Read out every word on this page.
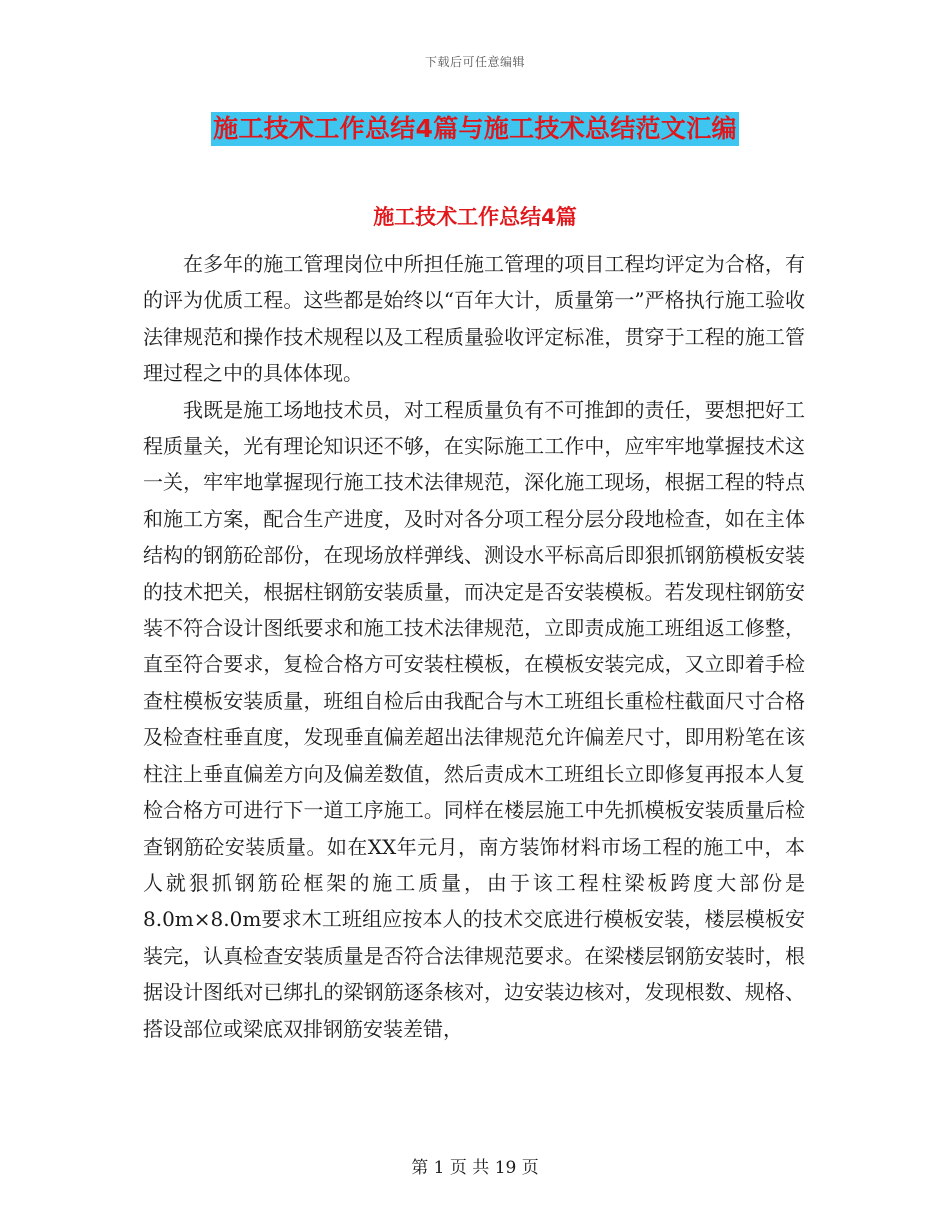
下载后可任意编辑
施工技术工作总结4篇与施工技术总结范文汇编
施工技术工作总结4篇

在多年的施工管理岗位中所担任施工管理的项目工程均评定为合格，有的评为优质工程。这些都是始终以“百年大计，质量第一”严格执行施工验收法律规范和操作技术规程以及工程质量验收评定标准，贯穿于工程的施工管理过程之中的具体体现。

我既是施工场地技术员，对工程质量负有不可推卸的责任，要想把好工程质量关，光有理论知识还不够，在实际施工工作中，应牢牢地掌握技术这一关，牢牢地掌握现行施工技术法律规范，深化施工现场，根据工程的特点和施工方案，配合生产进度，及时对各分项工程分层分段地检查，如在主体结构的钢筋砼部份，在现场放样弹线、测设水平标高后即狠抓钢筋模板安装的技术把关，根据柱钢筋安装质量，而决定是否安装模板。若发现柱钢筋安装不符合设计图纸要求和施工技术法律规范，立即责成施工班组返工修整，直至符合要求，复检合格方可安装柱模板，在模板安装完成，又立即着手检查柱模板安装质量，班组自检后由我配合与木工班组长重检柱截面尺寸合格及检查柱垂直度，发现垂直偏差超出法律规范允许偏差尺寸，即用粉笔在该柱注上垂直偏差方向及偏差数值，然后责成木工班组长立即修复再报本人复检合格方可进行下一道工序施工。同样在楼层施工中先抓模板安装质量后检查钢筋砼安装质量。如在XX年元月，南方装饰材料市场工程的施工中，本人就狠抓钢筋砼框架的施工质量，由于该工程柱梁板跨度大部份是8.0m×8.0m要求木工班组应按本人的技术交底进行模板安装，楼层模板安装完，认真检查安装质量是否符合法律规范要求。在梁楼层钢筋安装时，根据设计图纸对已绑扎的梁钢筋逐条核对，边安装边核对，发现根数、规格、搭设部位或梁底双排钢筋安装差错，

第 1 页 共 19 页
